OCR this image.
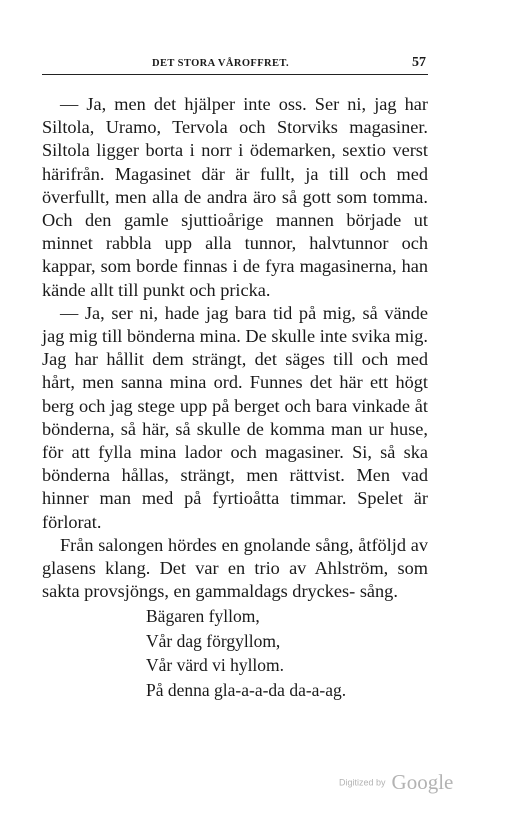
DET STORA VÅROFFRET.	57

— Ja, men det hjälper inte oss. Ser ni, jag har Siltola, Uramo, Tervola och Storviks magasiner. Siltola ligger borta i norr i ödemarken, sextio verst härifrån. Magasinet där är fullt, ja till och med överfullt, men alla de andra äro så gott som tomma. Och den gamle sjuttioårige mannen började ut minnet rabbla upp alla tunnor, halvtunnor och kappar, som borde finnas i de fyra magasinerna, han kände allt till punkt och pricka.

— Ja, ser ni, hade jag bara tid på mig, så vände jag mig till bönderna mina. De skulle inte svika mig. Jag har hållit dem strängt, det säges till och med hårt, men sanna mina ord. Funnes det här ett högt berg och jag stege upp på berget och bara vinkade åt bönderna, så här, så skulle de komma man ur huse, för att fylla mina lador och magasiner. Si, så ska bönderna hållas, strängt, men rättvist. Men vad hinner man med på fyrtioåtta timmar. Spelet är förlorat.

Från salongen hördes en gnolande sång, åtföljd av glasens klang. Det var en trio av Ahlström, som sakta provsjöngs, en gammaldags dryckes- sång.

Bägaren fyllom,
Vår dag förgyllom,
Vår värd vi hyllom.
På denna gla-a-a-da da-a-ag.
Digitized by Google
